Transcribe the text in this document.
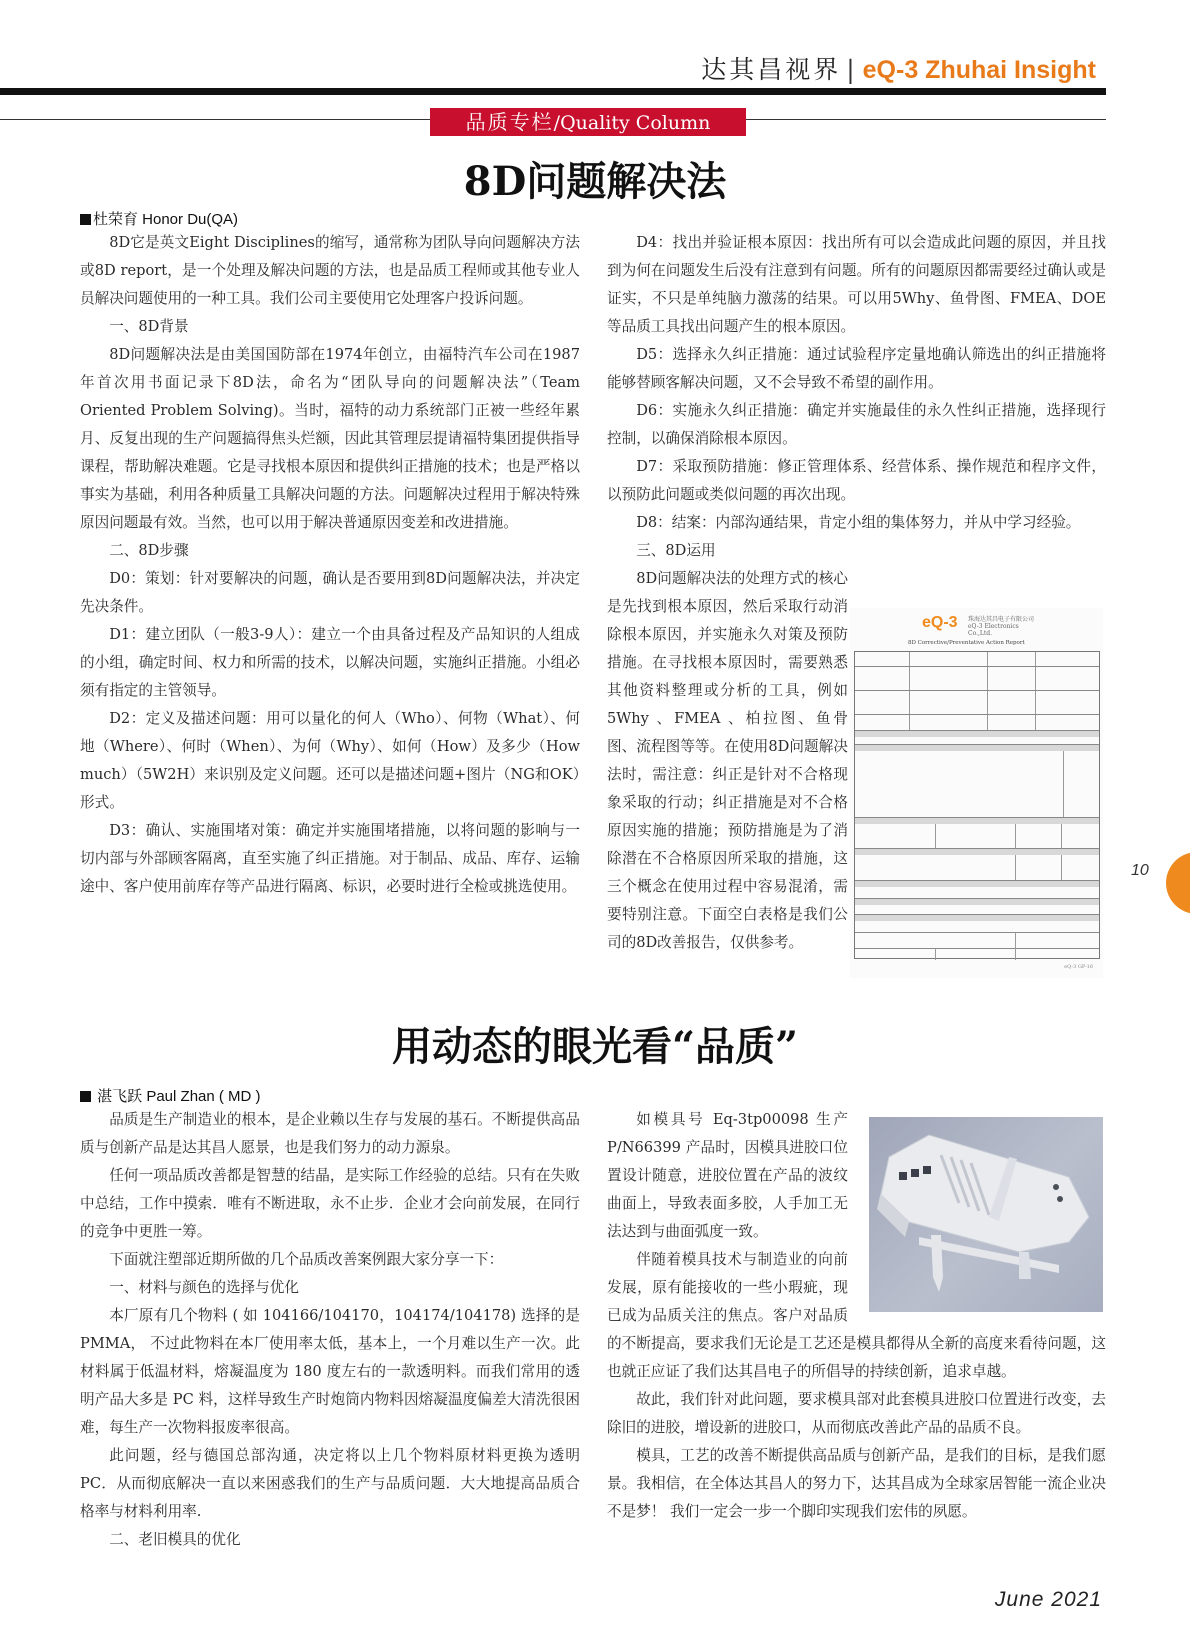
达其昌视界 | eQ-3 Zhuhai Insight
品质专栏/Quality Column
8D问题解决法
杜荣育 Honor Du(QA)

8D它是英文Eight Disciplines的缩写，通常称为团队导向问题解决方法或8D report，是一个处理及解决问题的方法，也是品质工程师或其他专业人员解决问题使用的一种工具。我们公司主要使用它处理客户投诉问题。

一、8D背景

8D问题解决法是由美国国防部在1974年创立，由福特汽车公司在1987年首次用书面记录下8D法，命名为“团队导向的问题解决法”（Team Oriented Problem Solving)。当时，福特的动力系统部门正被一些经年累月、反复出现的生产问题搞得焦头烂额，因此其管理层提请福特集团提供指导课程，帮助解决难题。它是寻找根本原因和提供纠正措施的技术；也是严格以事实为基础，利用各种质量工具解决问题的方法。问题解决过程用于解决特殊原因问题最有效。当然，也可以用于解决普通原因变差和改进措施。

二、8D步骤

D0：策划：针对要解决的问题，确认是否要用到8D问题解决法，并决定先决条件。

D1：建立团队（一般3-9人）：建立一个由具备过程及产品知识的人组成的小组，确定时间、权力和所需的技术，以解决问题，实施纠正措施。小组必须有指定的主管领导。

D2：定义及描述问题：用可以量化的何人（Who）、何物（What）、何地（Where）、何时（When）、为何（Why）、如何（How）及多少（How much）（5W2H）来识别及定义问题。还可以是描述问题+图片（NG和OK）形式。

D3：确认、实施围堵对策：确定并实施围堵措施，以将问题的影响与一切内部与外部顾客隔离，直至实施了纠正措施。对于制品、成品、库存、运输途中、客户使用前库存等产品进行隔离、标识，必要时进行全检或挑选使用。

D4：找出并验证根本原因：找出所有可以会造成此问题的原因，并且找到为何在问题发生后没有注意到有问题。所有的问题原因都需要经过确认或是证实，不只是单纯脑力激荡的结果。可以用5Why、鱼骨图、FMEA、DOE等品质工具找出问题产生的根本原因。

D5：选择永久纠正措施：通过试验程序定量地确认筛选出的纠正措施将能够替顾客解决问题，又不会导致不希望的副作用。

D6：实施永久纠正措施：确定并实施最佳的永久性纠正措施，选择现行控制，以确保消除根本原因。

D7：采取预防措施：修正管理体系、经营体系、操作规范和程序文件，以预防此问题或类似问题的再次出现。

D8：结案：内部沟通结果，肯定小组的集体努力，并从中学习经验。

三、8D运用

8D问题解决法的处理方式的核心是先找到根本原因，然后采取行动消除根本原因，并实施永久对策及预防措施。在寻找根本原因时，需要熟悉其他资料整理或分析的工具，例如5Why 、FMEA 、柏拉图、鱼骨图、流程图等等。在使用8D问题解决法时，需注意：纠正是针对不合格现象采取的行动；纠正措施是对不合格原因实施的措施；预防措施是为了消除潜在不合格原因所采取的措施，这三个概念在使用过程中容易混淆，需要特别注意。下面空白表格是我们公司的8D改善报告，仅供参考。

eQ-3 珠海达其昌电子有限公司 eQ-3 Electronics Co.,Ltd.
8D Corrective/Preventative Action Report
eQ-3 GP-16
用动态的眼光看“品质”
湛飞跃 Paul Zhan ( MD )

品质是生产制造业的根本，是企业赖以生存与发展的基石。不断提供高品质与创新产品是达其昌人愿景，也是我们努力的动力源泉。

任何一项品质改善都是智慧的结晶，是实际工作经验的总结。只有在失败中总结，工作中摸索．唯有不断进取，永不止步．企业才会向前发展，在同行的竞争中更胜一筹。

下面就注塑部近期所做的几个品质改善案例跟大家分享一下：

一、材料与颜色的选择与优化

本厂原有几个物料 ( 如 104166/104170，104174/104178) 选择的是 PMMA， 不过此物料在本厂使用率太低，基本上，一个月难以生产一次。此材料属于低温材料，熔凝温度为 180 度左右的一款透明料。而我们常用的透明产品大多是 PC 料，这样导致生产时炮筒内物料因熔凝温度偏差大清洗很困难，每生产一次物料报废率很高。

此问题，经与德国总部沟通，决定将以上几个物料原材料更换为透明 PC．从而彻底解决一直以来困惑我们的生产与品质问题．大大地提高品质合格率与材料利用率.

二、老旧模具的优化

如模具号 Eq-3tp00098 生产 P/N66399 产品时，因模具进胶口位置设计随意，进胶位置在产品的波纹曲面上，导致表面多胶，人手加工无法达到与曲面弧度一致。

伴随着模具技术与制造业的向前发展，原有能接收的一些小瑕疵，现已成为品质关注的焦点。客户对品质的不断提高，要求我们无论是工艺还是模具都得从全新的高度来看待问题，这也就正应证了我们达其昌电子的所倡导的持续创新，追求卓越。

故此，我们针对此问题，要求模具部对此套模具进胶口位置进行改变，去除旧的进胶，增设新的进胶口，从而彻底改善此产品的品质不良。

模具，工艺的改善不断提供高品质与创新产品，是我们的目标，是我们愿景。我相信，在全体达其昌人的努力下，达其昌成为全球家居智能一流企业决不是梦！ 我们一定会一步一个脚印实现我们宏伟的夙愿。

10
June 2021
